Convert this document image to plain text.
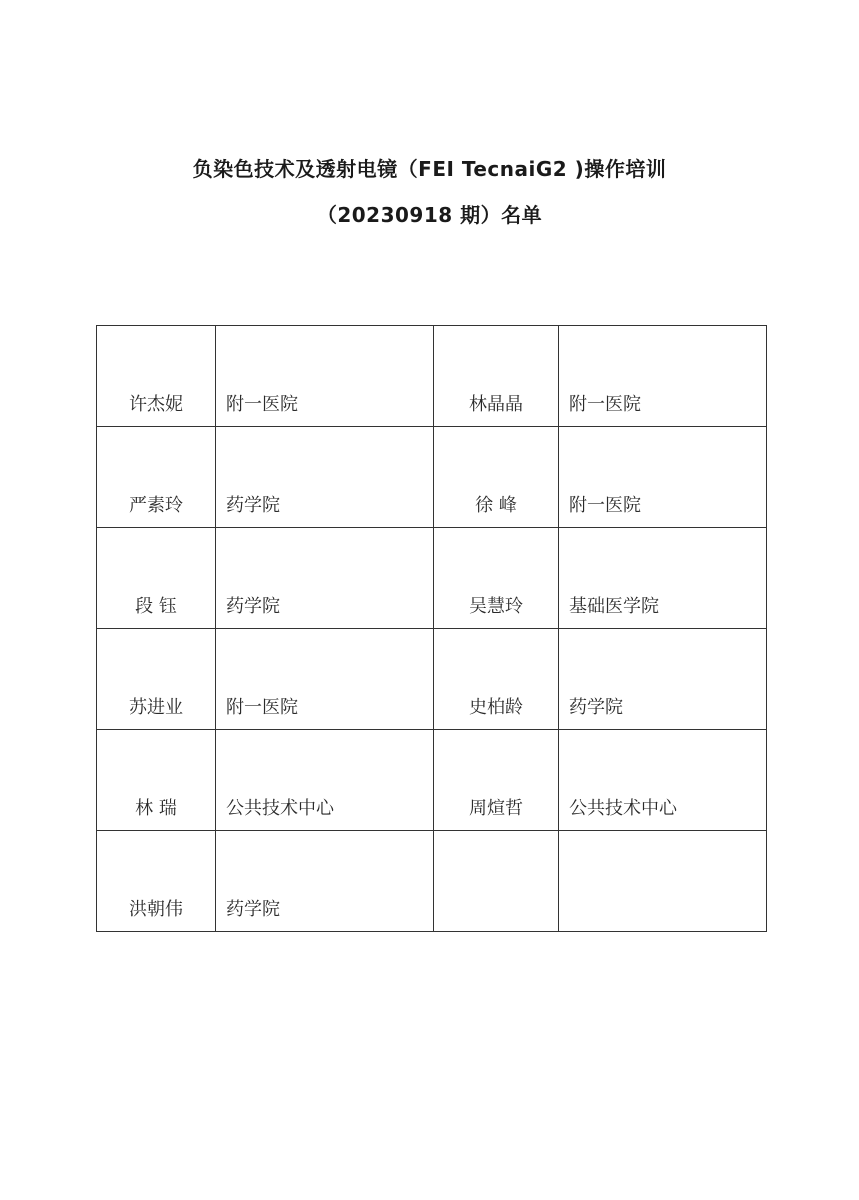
负染色技术及透射电镜（FEI TecnaiG2 )操作培训
（20230918 期）名单
许杰妮	附一医院	林晶晶	附一医院
严素玲	药学院	徐 峰	附一医院
段 钰	药学院	吴慧玲	基础医学院
苏进业	附一医院	史柏龄	药学院
林 瑞	公共技术中心	周煊哲	公共技术中心
洪朝伟	药学院		
